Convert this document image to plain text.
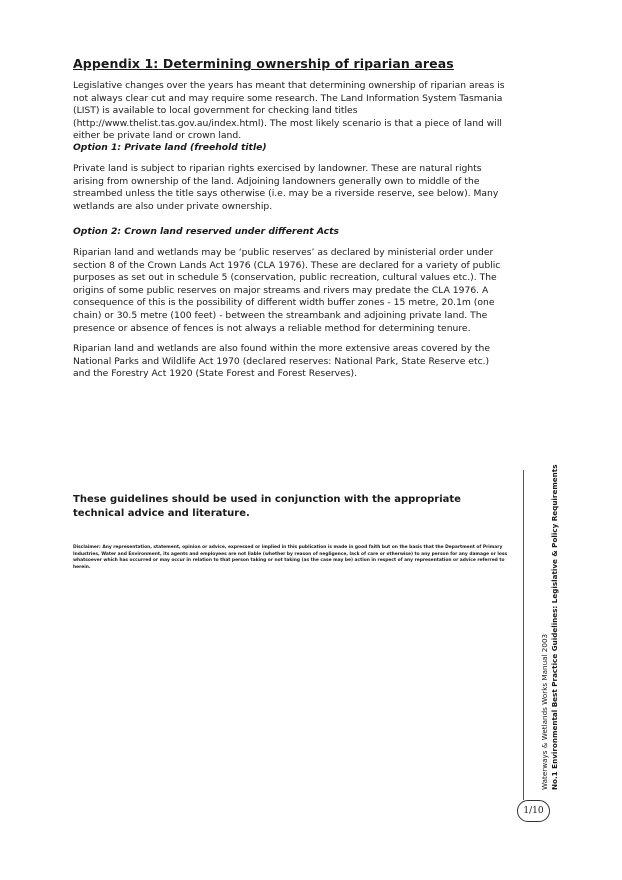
Appendix 1: Determining ownership of riparian areas

Legislative changes over the years has meant that determining ownership of riparian areas is not always clear cut and may require some research. The Land Information System Tasmania (LIST) is available to local government for checking land titles (http://www.thelist.tas.gov.au/index.html). The most likely scenario is that a piece of land will either be private land or crown land.

Option 1: Private land (freehold title)

Private land is subject to riparian rights exercised by landowner. These are natural rights arising from ownership of the land. Adjoining landowners generally own to middle of the streambed unless the title says otherwise (i.e. may be a riverside reserve, see below). Many wetlands are also under private ownership.

Option 2: Crown land reserved under different Acts

Riparian land and wetlands may be ‘public reserves’ as declared by ministerial order under section 8 of the Crown Lands Act 1976 (CLA 1976). These are declared for a variety of public purposes as set out in schedule 5 (conservation, public recreation, cultural values etc.). The origins of some public reserves on major streams and rivers may predate the CLA 1976. A consequence of this is the possibility of different width buffer zones - 15 metre, 20.1m (one chain) or 30.5 metre (100 feet) - between the streambank and adjoining private land. The presence or absence of fences is not always a reliable method for determining tenure.

Riparian land and wetlands are also found within the more extensive areas covered by the National Parks and Wildlife Act 1970 (declared reserves: National Park, State Reserve etc.) and the Forestry Act 1920 (State Forest and Forest Reserves).

These guidelines should be used in conjunction with the appropriate technical advice and literature.
Disclaimer: Any representation, statement, opinion or advice, expressed or implied in this publication is made in good faith but on the basis that the Department of Primary Industries, Water and Environment, its agents and employees are not liable (whether by reason of negligence, lack of care or otherwise) to any person for any damage or loss whatsoever which has occurred or may occur in relation to that person taking or not taking (as the case may be) action in respect of any representation or advice referred to herein.
Waterways & Wetlands Works Manual 2003 No.1 Environmental Best Practice Guidelines: Legislative & Policy Requirements
1/10
